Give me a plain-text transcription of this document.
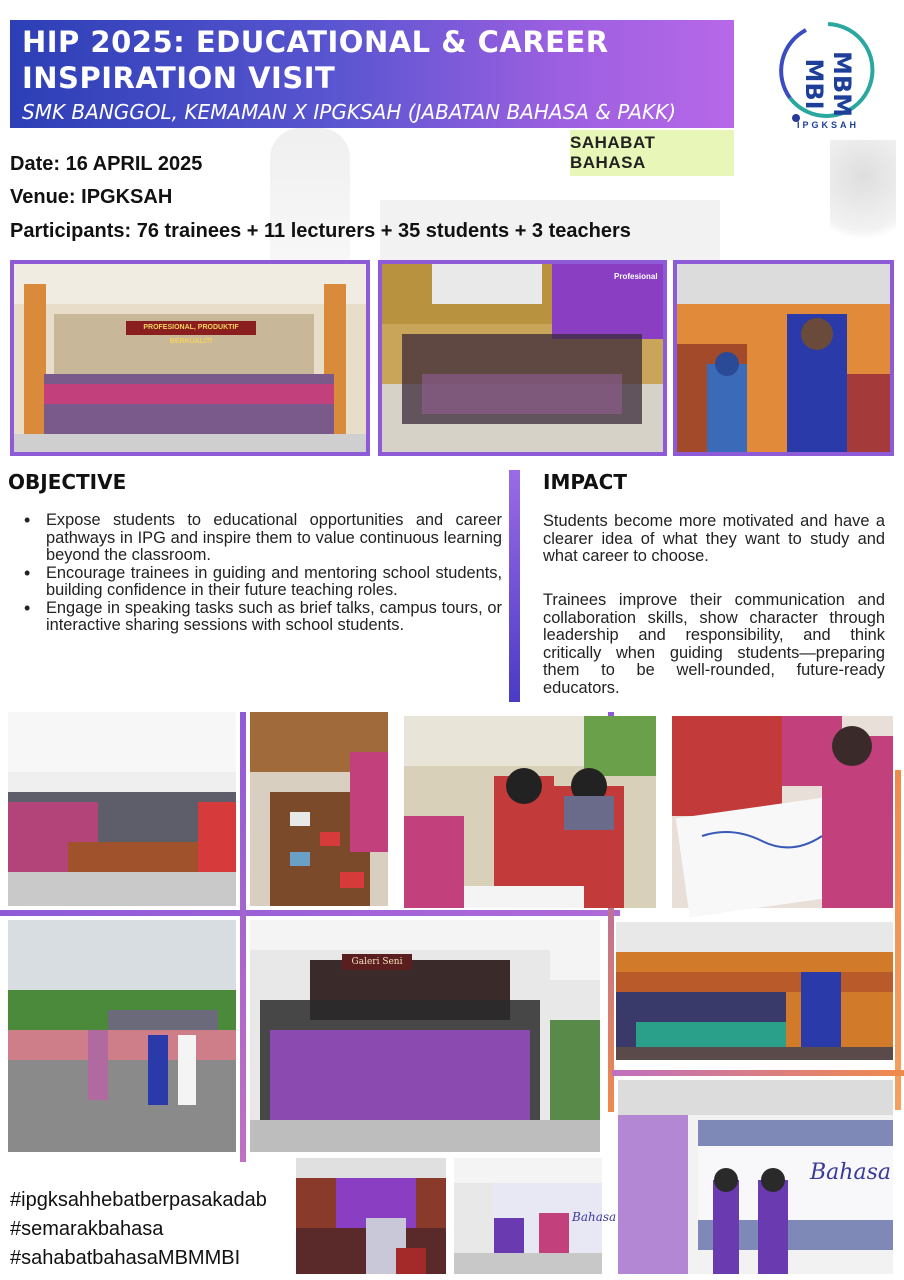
HIP 2025: EDUCATIONAL & CAREER
INSPIRATION VISIT
SMK BANGGOL, KEMAMAN X IPGKSAH (JABATAN BAHASA & PAKK)	MBM MBI
IPGKSAH
SAHABAT BAHASA
Date: 16 APRIL 2025
Venue: IPGKSAH
Participants: 76 trainees + 11 lecturers + 35 students + 3 teachers
PROFESIONAL, PRODUKTIF BERKUALITI
Profesional
OBJECTIVE
• Expose students to educational opportunities and career pathways in IPG and inspire them to value continuous learning beyond the classroom.
• Encourage trainees in guiding and mentoring school students, building confidence in their future teaching roles.
• Engage in speaking tasks such as brief talks, campus tours, or interactive sharing sessions with school students.
IMPACT

Students become more motivated and have a clearer idea of what they want to study and what career to choose.

Trainees improve their communication and collaboration skills, show character through leadership and responsibility, and think critically when guiding students—preparing them to be well-rounded, future-ready educators.

Galeri Seni
Bahasa
Bahasa
#ipgksahhebatberpasakadab
#semarakbahasa
#sahabatbahasaMBMMBI
